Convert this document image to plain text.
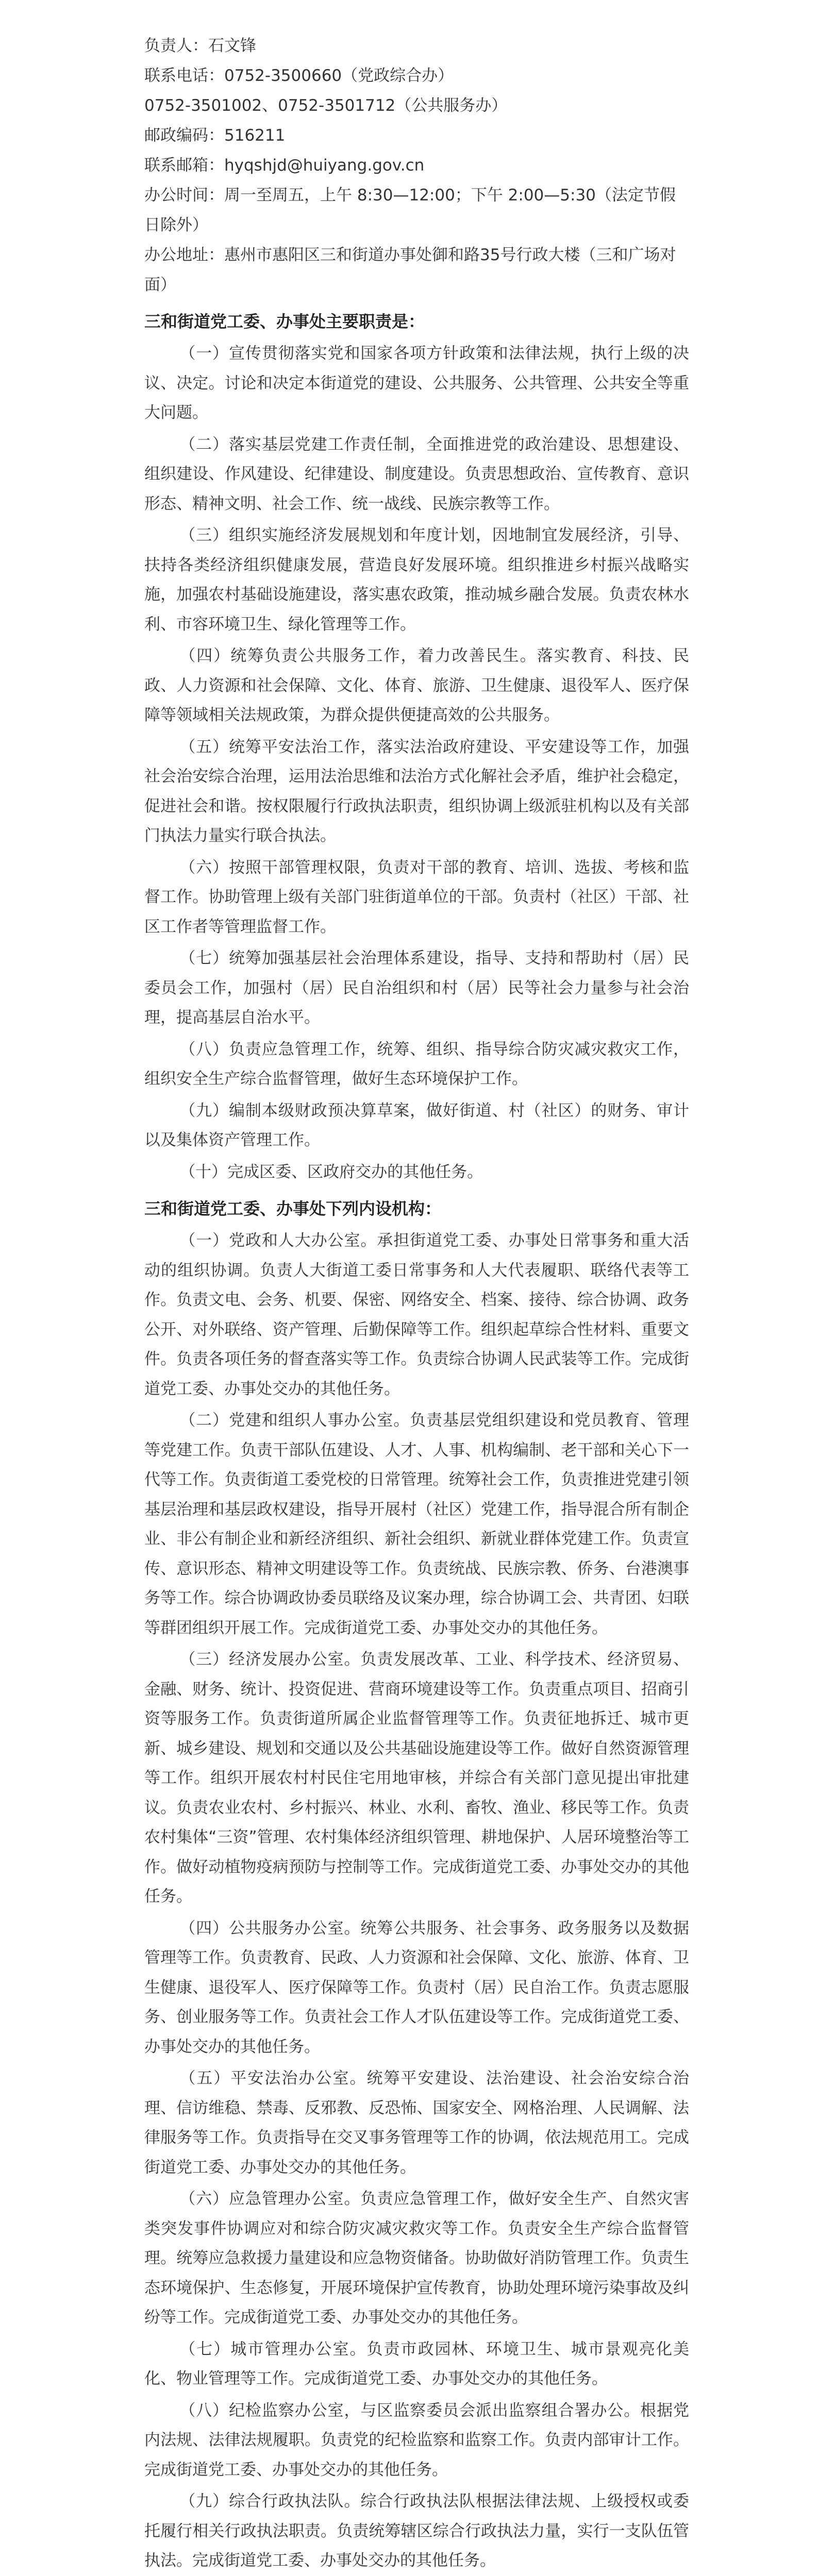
负责人：石文锋

联系电话：0752-3500660（党政综合办）

0752-3501002、0752-3501712（公共服务办）

邮政编码：516211

联系邮箱：hyqshjd@huiyang.gov.cn

办公时间：周一至周五，上午 8:30—12:00；下午 2:00—5:30（法定节假日除外）

办公地址：惠州市惠阳区三和街道办事处御和路35号行政大楼（三和广场对面）

三和街道党工委、办事处主要职责是：

（一）宣传贯彻落实党和国家各项方针政策和法律法规，执行上级的决议、决定。讨论和决定本街道党的建设、公共服务、公共管理、公共安全等重大问题。

（二）落实基层党建工作责任制，全面推进党的政治建设、思想建设、组织建设、作风建设、纪律建设、制度建设。负责思想政治、宣传教育、意识形态、精神文明、社会工作、统一战线、民族宗教等工作。

（三）组织实施经济发展规划和年度计划，因地制宜发展经济，引导、扶持各类经济组织健康发展，营造良好发展环境。组织推进乡村振兴战略实施，加强农村基础设施建设，落实惠农政策，推动城乡融合发展。负责农林水利、市容环境卫生、绿化管理等工作。

（四）统筹负责公共服务工作，着力改善民生。落实教育、科技、民政、人力资源和社会保障、文化、体育、旅游、卫生健康、退役军人、医疗保障等领域相关法规政策，为群众提供便捷高效的公共服务。

（五）统筹平安法治工作，落实法治政府建设、平安建设等工作，加强社会治安综合治理，运用法治思维和法治方式化解社会矛盾，维护社会稳定，促进社会和谐。按权限履行行政执法职责，组织协调上级派驻机构以及有关部门执法力量实行联合执法。

（六）按照干部管理权限，负责对干部的教育、培训、选拔、考核和监督工作。协助管理上级有关部门驻街道单位的干部。负责村（社区）干部、社区工作者等管理监督工作。

（七）统筹加强基层社会治理体系建设，指导、支持和帮助村（居）民委员会工作，加强村（居）民自治组织和村（居）民等社会力量参与社会治理，提高基层自治水平。

（八）负责应急管理工作，统筹、组织、指导综合防灾减灾救灾工作，组织安全生产综合监督管理，做好生态环境保护工作。

（九）编制本级财政预决算草案，做好街道、村（社区）的财务、审计以及集体资产管理工作。

（十）完成区委、区政府交办的其他任务。

三和街道党工委、办事处下列内设机构：

（一）党政和人大办公室。承担街道党工委、办事处日常事务和重大活动的组织协调。负责人大街道工委日常事务和人大代表履职、联络代表等工作。负责文电、会务、机要、保密、网络安全、档案、接待、综合协调、政务公开、对外联络、资产管理、后勤保障等工作。组织起草综合性材料、重要文件。负责各项任务的督查落实等工作。负责综合协调人民武装等工作。完成街道党工委、办事处交办的其他任务。

（二）党建和组织人事办公室。负责基层党组织建设和党员教育、管理等党建工作。负责干部队伍建设、人才、人事、机构编制、老干部和关心下一代等工作。负责街道工委党校的日常管理。统筹社会工作，负责推进党建引领基层治理和基层政权建设，指导开展村（社区）党建工作，指导混合所有制企业、非公有制企业和新经济组织、新社会组织、新就业群体党建工作。负责宣传、意识形态、精神文明建设等工作。负责统战、民族宗教、侨务、台港澳事务等工作。综合协调政协委员联络及议案办理，综合协调工会、共青团、妇联等群团组织开展工作。完成街道党工委、办事处交办的其他任务。

（三）经济发展办公室。负责发展改革、工业、科学技术、经济贸易、金融、财务、统计、投资促进、营商环境建设等工作。负责重点项目、招商引资等服务工作。负责街道所属企业监督管理等工作。负责征地拆迁、城市更新、城乡建设、规划和交通以及公共基础设施建设等工作。做好自然资源管理等工作。组织开展农村村民住宅用地审核，并综合有关部门意见提出审批建议。负责农业农村、乡村振兴、林业、水利、畜牧、渔业、移民等工作。负责农村集体“三资”管理、农村集体经济组织管理、耕地保护、人居环境整治等工作。做好动植物疫病预防与控制等工作。完成街道党工委、办事处交办的其他任务。

（四）公共服务办公室。统筹公共服务、社会事务、政务服务以及数据管理等工作。负责教育、民政、人力资源和社会保障、文化、旅游、体育、卫生健康、退役军人、医疗保障等工作。负责村（居）民自治工作。负责志愿服务、创业服务等工作。负责社会工作人才队伍建设等工作。完成街道党工委、办事处交办的其他任务。

（五）平安法治办公室。统筹平安建设、法治建设、社会治安综合治理、信访维稳、禁毒、反邪教、反恐怖、国家安全、网格治理、人民调解、法律服务等工作。负责指导在交叉事务管理等工作的协调，依法规范用工。完成街道党工委、办事处交办的其他任务。

（六）应急管理办公室。负责应急管理工作，做好安全生产、自然灾害类突发事件协调应对和综合防灾减灾救灾等工作。负责安全生产综合监督管理。统筹应急救援力量建设和应急物资储备。协助做好消防管理工作。负责生态环境保护、生态修复，开展环境保护宣传教育，协助处理环境污染事故及纠纷等工作。完成街道党工委、办事处交办的其他任务。

（七）城市管理办公室。负责市政园林、环境卫生、城市景观亮化美化、物业管理等工作。完成街道党工委、办事处交办的其他任务。

（八）纪检监察办公室，与区监察委员会派出监察组合署办公。根据党内法规、法律法规履职。负责党的纪检监察和监察工作。负责内部审计工作。完成街道党工委、办事处交办的其他任务。

（九）综合行政执法队。综合行政执法队根据法律法规、上级授权或委托履行相关行政执法职责。负责统筹辖区综合行政执法力量，实行一支队伍管执法。完成街道党工委、办事处交办的其他任务。
